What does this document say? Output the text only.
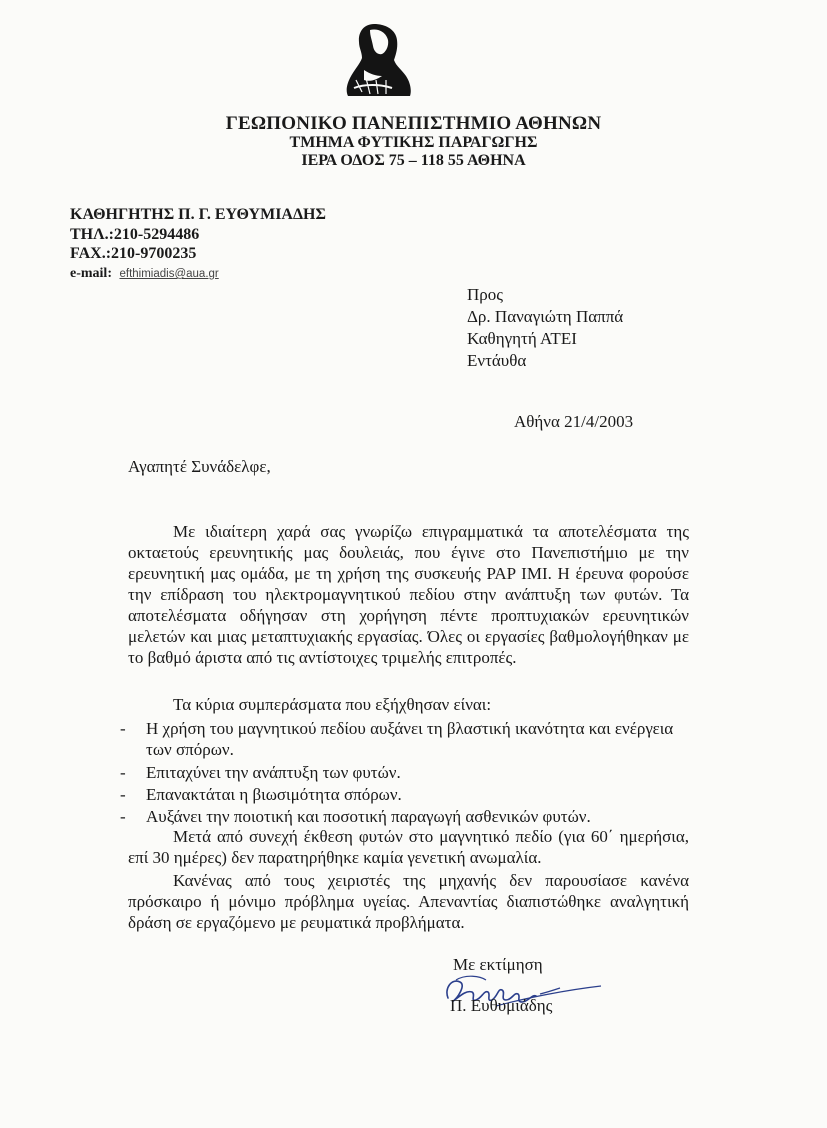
ΓΕΩΠΟΝΙΚΟ ΠΑΝΕΠΙΣΤΗΜΙΟ ΑΘΗΝΩΝ
ΤΜΗΜΑ ΦΥΤΙΚΗΣ ΠΑΡΑΓΩΓΗΣ
ΙΕΡΑ ΟΔΟΣ 75 – 118 55 ΑΘΗΝΑ
ΚΑΘΗΓΗΤΗΣ Π. Γ. ΕΥΘΥΜΙΑΔΗΣ
ΤΗΛ.:210-5294486
FAX.:210-9700235
e-mail: efthimiadis@aua.gr
Προς
Δρ. Παναγιώτη Παππά
Καθηγητή ΑΤΕΙ
Εντάυθα
Αθήνα 21/4/2003
Αγαπητέ Συνάδελφε,
Με ιδιαίτερη χαρά σας γνωρίζω επιγραμματικά τα αποτελέσματα της οκταετούς ερευνητικής μας δουλειάς, που έγινε στο Πανεπιστήμιο με την ερευνητική μας ομάδα, με τη χρήση της συσκευής PAP IMI. Η έρευνα φορούσε την επίδραση του ηλεκτρομαγνητικού πεδίου στην ανάπτυξη των φυτών. Τα αποτελέσματα οδήγησαν στη χορήγηση πέντε προπτυχιακών ερευνητικών μελετών και μιας μεταπτυχιακής εργασίας. Όλες οι εργασίες βαθμολογήθηκαν με το βαθμό άριστα από τις αντίστοιχες τριμελής επιτροπές.
Τα κύρια συμπεράσματα που εξήχθησαν είναι:
- Η χρήση του μαγνητικού πεδίου αυξάνει τη βλαστική ικανότητα και ενέργεια των σπόρων.
- Επιταχύνει την ανάπτυξη των φυτών.
- Επανακτάται η βιωσιμότητα σπόρων.
- Αυξάνει την ποιοτική και ποσοτική παραγωγή ασθενικών φυτών.
Μετά από συνεχή έκθεση φυτών στο μαγνητικό πεδίο (για 60΄ ημερήσια, επί 30 ημέρες) δεν παρατηρήθηκε καμία γενετική ανωμαλία.
Κανένας από τους χειριστές της μηχανής δεν παρουσίασε κανένα πρόσκαιρο ή μόνιμο πρόβλημα υγείας. Απεναντίας διαπιστώθηκε αναλγητική δράση σε εργαζόμενο με ρευματικά προβλήματα.
Με εκτίμηση
Π. Ευθυμιάδης
